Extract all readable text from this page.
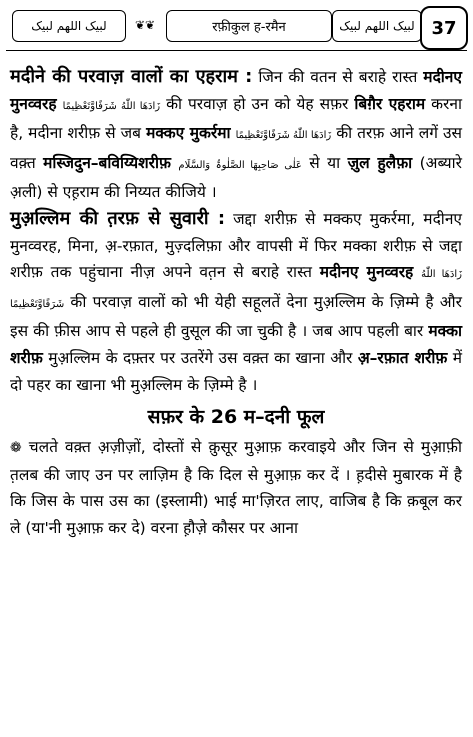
لبیک اللھم لبیک	❦❦	रफ़ीकुल ह-रमैन	لبیک اللھم لبیک 37

मदीने की परवाज़ वालों का एहराम : जिन की वतन से बराहे रास्त मदीनए मुनव्वरह زَادَهَا اللّٰهُ شَرَفًاوَّتَعْظِيمًا की परवाज़ हो उन को येह सफ़र बिग़ैर एहराम करना है, मदीना शरीफ़ से जब मक्कए मुकर्रमा زَادَهَا اللّٰهُ شَرَفًاوَّتَعْظِيمًا की तरफ़ आने लगें उस वक़्त मस्जिदुन–बविय्यिशरीफ़ عَلٰی صَاحِبِهَا الصَّلٰوۃُ وَالسَّلَام से या ज़ुल हुलैफ़ा (अब्यारे अ़ली) से एह़राम की निय्यत कीजिये ।

मुअ़ल्लिम की त़रफ़ से सुवारी : जद्दा शरीफ़ से मक्कए मुकर्रमा, मदीनए मुनव्वरह, मिना, अ़-रफ़ात, मुज़्दलिफ़ा और वापसी में फिर मक्का शरीफ़ से जद्दा शरीफ़ तक पहुंचाना नीज़ अपने वत़न से बराहे रास्त मदीनए मुनव्वरह زَادَهَا اللّٰهُ شَرَفًاوَّتَعْظِيمًا की परवाज़ वालों को भी येही सहूलतें देना मुअ़ल्लिम के ज़िम्मे है और इस की फ़ीस आप से पहले ही वुसूल की जा चुकी है । जब आप पहली बार मक्का शरीफ़ मुअ़ल्लिम के दफ़्तर पर उतरेंगे उस वक़्त का खाना और अ़–रफ़ात शरीफ़ में दो पहर का खाना भी मुअ़ल्लिम के ज़िम्मे है ।

सफ़र के 26 म–दनी फूल

❁ चलते वक़्त अ़ज़ीज़ों, दोस्तों से क़ुसूर मुआ़फ़ करवाइये और जिन से मुआ़फ़ी त़लब की जाए उन पर लाज़िम है कि दिल से मुआ़फ़ कर दें । ह़दीसे मुबारक में है कि जिस के पास उस का (इस्लामी) भाई मा'ज़िरत लाए, वाजिब है कि क़बूल कर ले (या'नी मुआ़फ़ कर दे) वरना ह़ौज़े कौसर पर आना
